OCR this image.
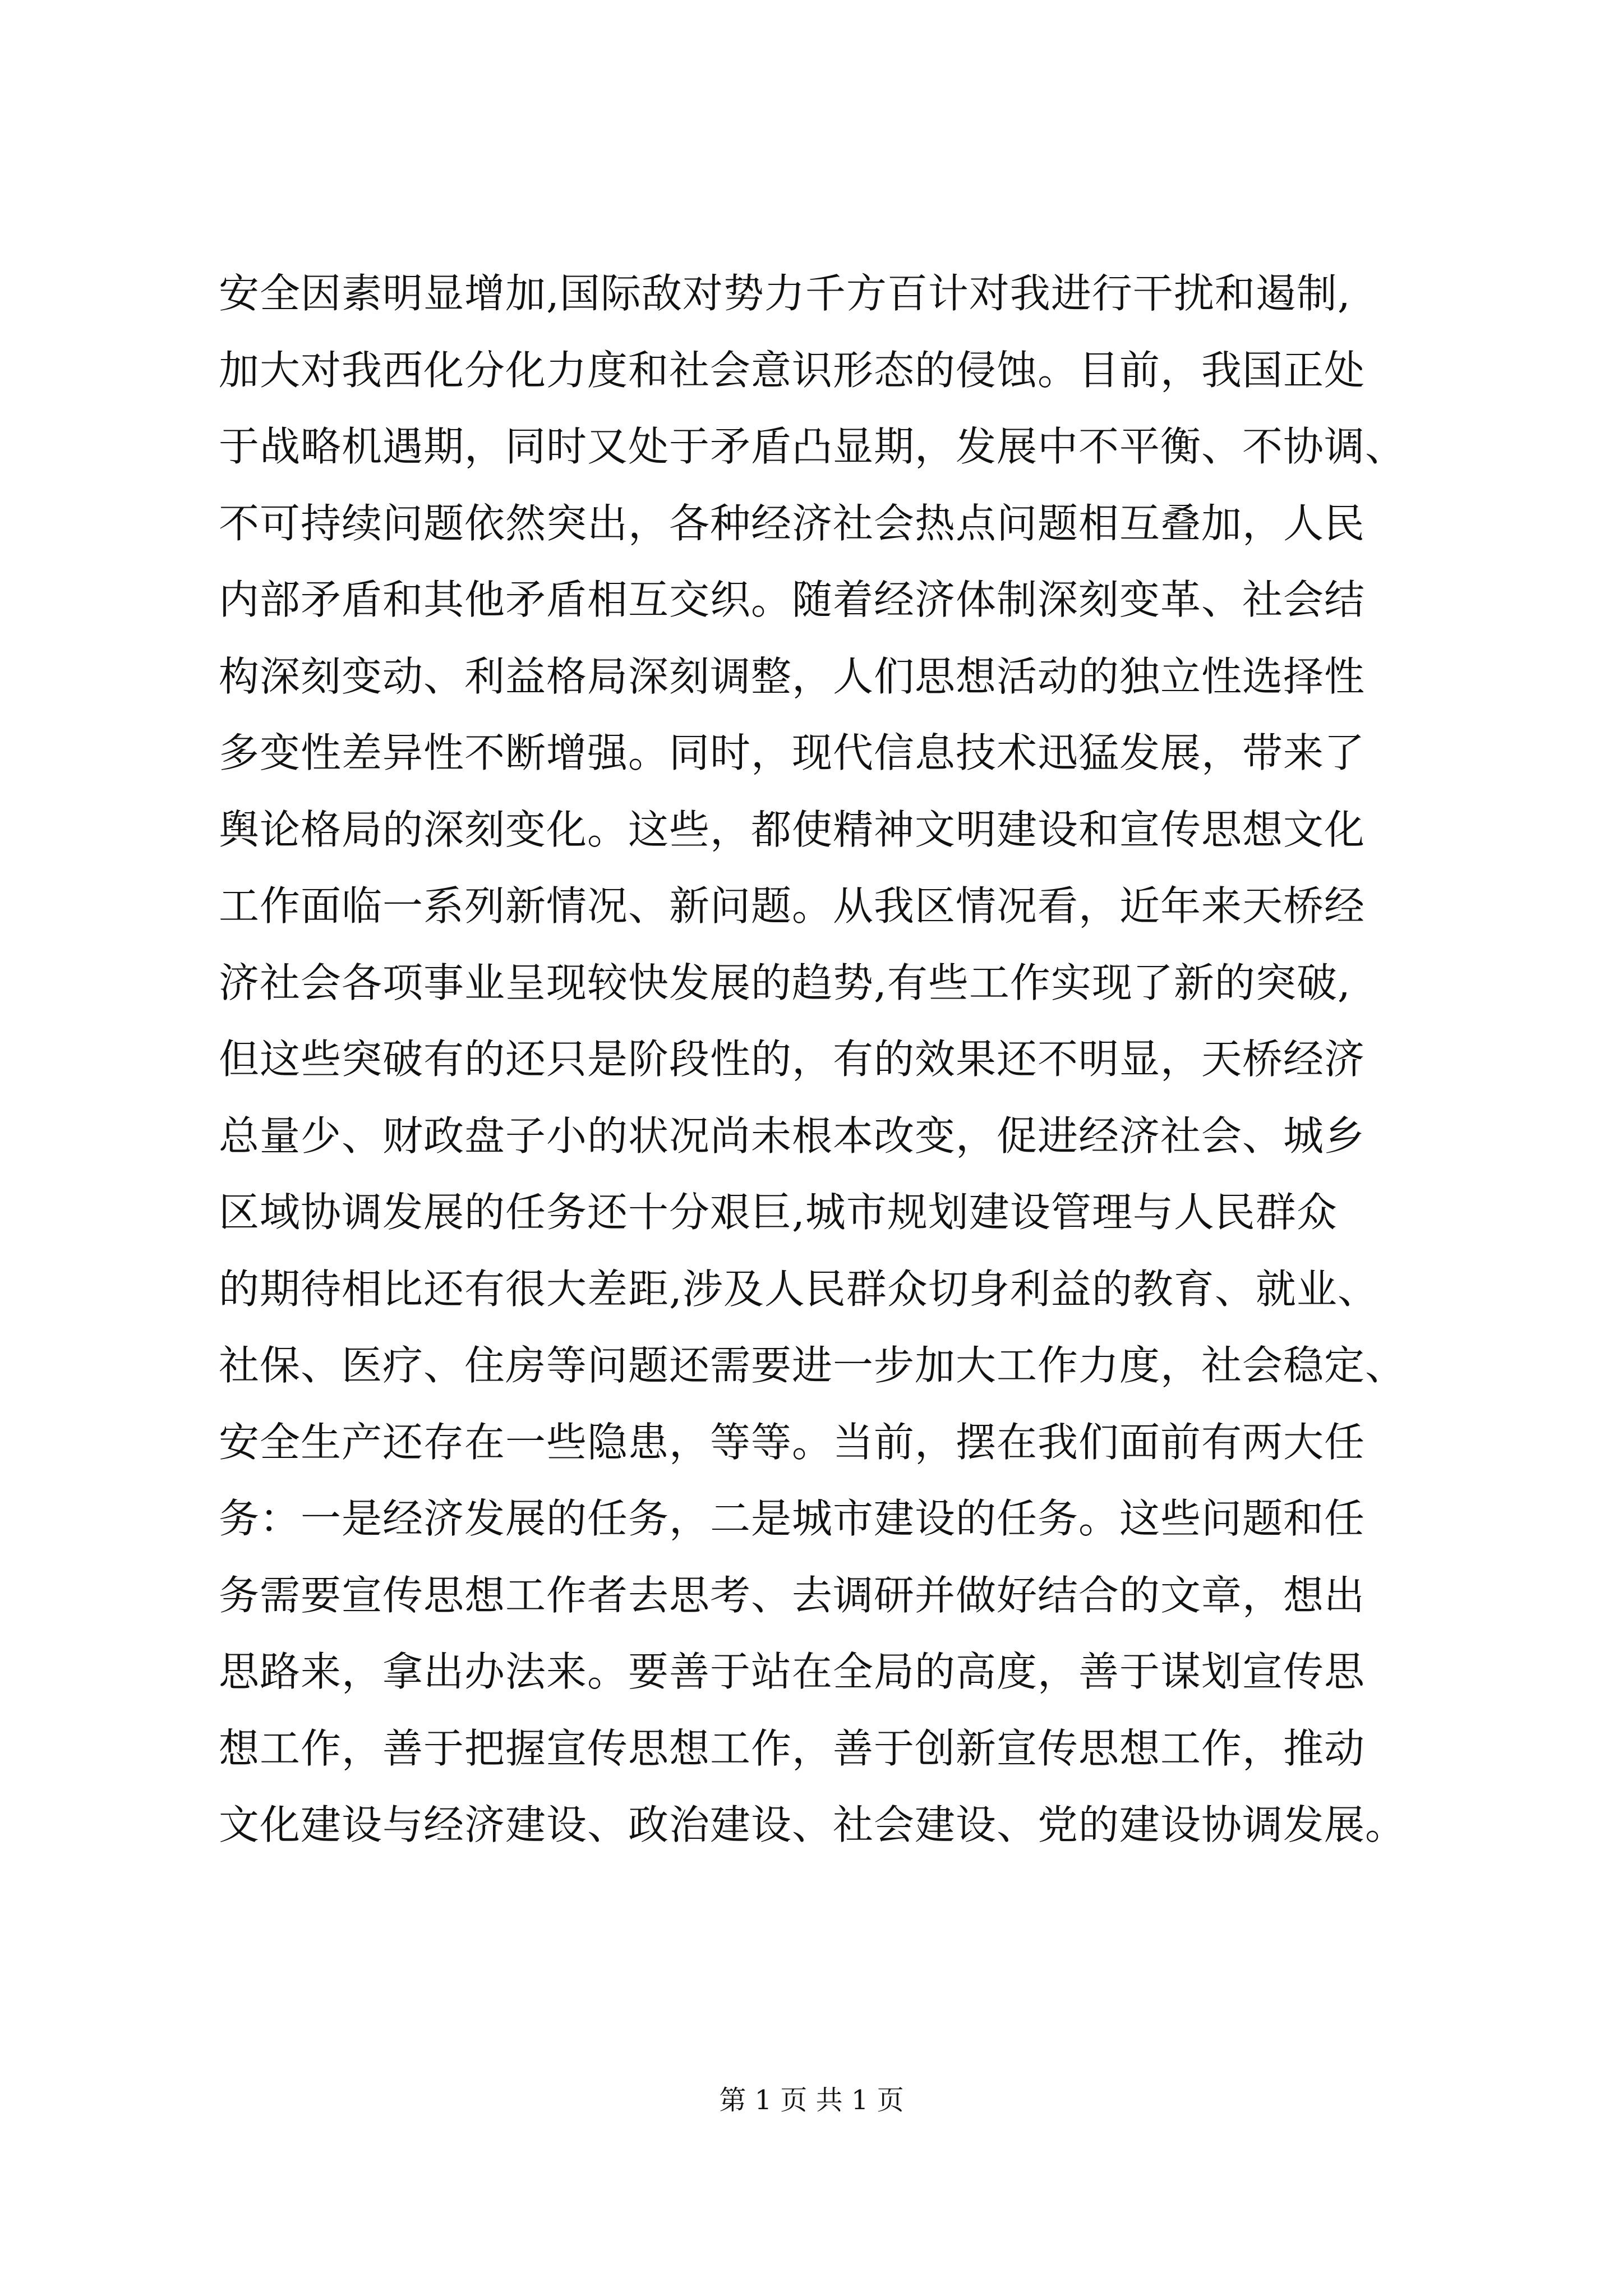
安全因素明显增加,国际敌对势力千方百计对我进行干扰和遏制,
加大对我西化分化力度和社会意识形态的侵蚀。目前，我国正处
于战略机遇期，同时又处于矛盾凸显期，发展中不平衡、不协调、
不可持续问题依然突出，各种经济社会热点问题相互叠加，人民
内部矛盾和其他矛盾相互交织。随着经济体制深刻变革、社会结
构深刻变动、利益格局深刻调整，人们思想活动的独立性选择性
多变性差异性不断增强。同时，现代信息技术迅猛发展，带来了
舆论格局的深刻变化。这些，都使精神文明建设和宣传思想文化
工作面临一系列新情况、新问题。从我区情况看，近年来天桥经
济社会各项事业呈现较快发展的趋势,有些工作实现了新的突破,
但这些突破有的还只是阶段性的，有的效果还不明显，天桥经济
总量少、财政盘子小的状况尚未根本改变，促进经济社会、城乡
区域协调发展的任务还十分艰巨,城市规划建设管理与人民群众
的期待相比还有很大差距,涉及人民群众切身利益的教育、就业、
社保、医疗、住房等问题还需要进一步加大工作力度，社会稳定、
安全生产还存在一些隐患，等等。当前，摆在我们面前有两大任
务：一是经济发展的任务，二是城市建设的任务。这些问题和任
务需要宣传思想工作者去思考、去调研并做好结合的文章，想出
思路来，拿出办法来。要善于站在全局的高度，善于谋划宣传思
想工作，善于把握宣传思想工作，善于创新宣传思想工作，推动
文化建设与经济建设、政治建设、社会建设、党的建设协调发展。
第 1 页 共 1 页
